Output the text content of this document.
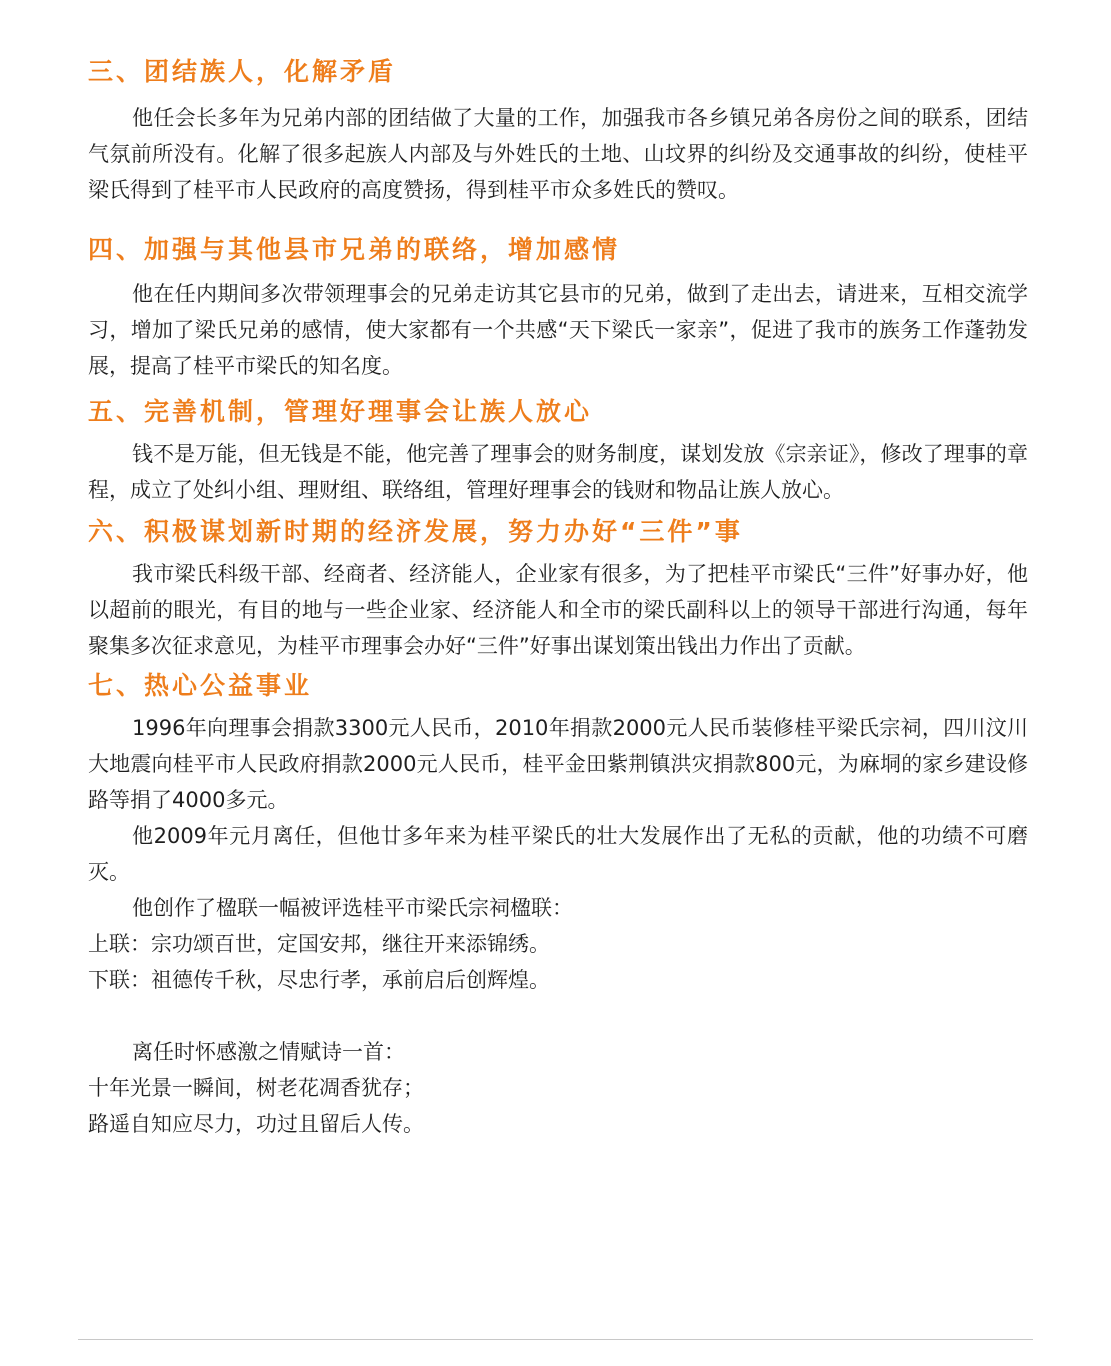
三、团结族人，化解矛盾

他任会长多年为兄弟内部的团结做了大量的工作，加强我市各乡镇兄弟各房份之间的联系，团结气氛前所没有。化解了很多起族人内部及与外姓氏的土地、山坟界的纠纷及交通事故的纠纷，使桂平梁氏得到了桂平市人民政府的高度赞扬，得到桂平市众多姓氏的赞叹。

四、加强与其他县市兄弟的联络，增加感情

他在任内期间多次带领理事会的兄弟走访其它县市的兄弟，做到了走出去，请进来，互相交流学习，增加了梁氏兄弟的感情，使大家都有一个共感“天下梁氏一家亲”，促进了我市的族务工作蓬勃发展，提高了桂平市梁氏的知名度。

五、完善机制，管理好理事会让族人放心

钱不是万能，但无钱是不能，他完善了理事会的财务制度，谋划发放《宗亲证》，修改了理事的章程，成立了处纠小组、理财组、联络组，管理好理事会的钱财和物品让族人放心。

六、积极谋划新时期的经济发展，努力办好“三件”事

我市梁氏科级干部、经商者、经济能人，企业家有很多，为了把桂平市梁氏“三件”好事办好，他以超前的眼光，有目的地与一些企业家、经济能人和全市的梁氏副科以上的领导干部进行沟通，每年聚集多次征求意见，为桂平市理事会办好“三件”好事出谋划策出钱出力作出了贡献。

七、热心公益事业

1996年向理事会捐款3300元人民币，2010年捐款2000元人民币装修桂平梁氏宗祠，四川汶川大地震向桂平市人民政府捐款2000元人民币，桂平金田紫荆镇洪灾捐款800元，为麻垌的家乡建设修路等捐了4000多元。

他2009年元月离任，但他廿多年来为桂平梁氏的壮大发展作出了无私的贡献，他的功绩不可磨灭。

他创作了楹联一幅被评选桂平市梁氏宗祠楹联：

上联：宗功颂百世，定国安邦，继往开来添锦绣。

下联：祖德传千秋，尽忠行孝，承前启后创辉煌。

离任时怀感激之情赋诗一首：

十年光景一瞬间，树老花凋香犹存；

路遥自知应尽力，功过且留后人传。
